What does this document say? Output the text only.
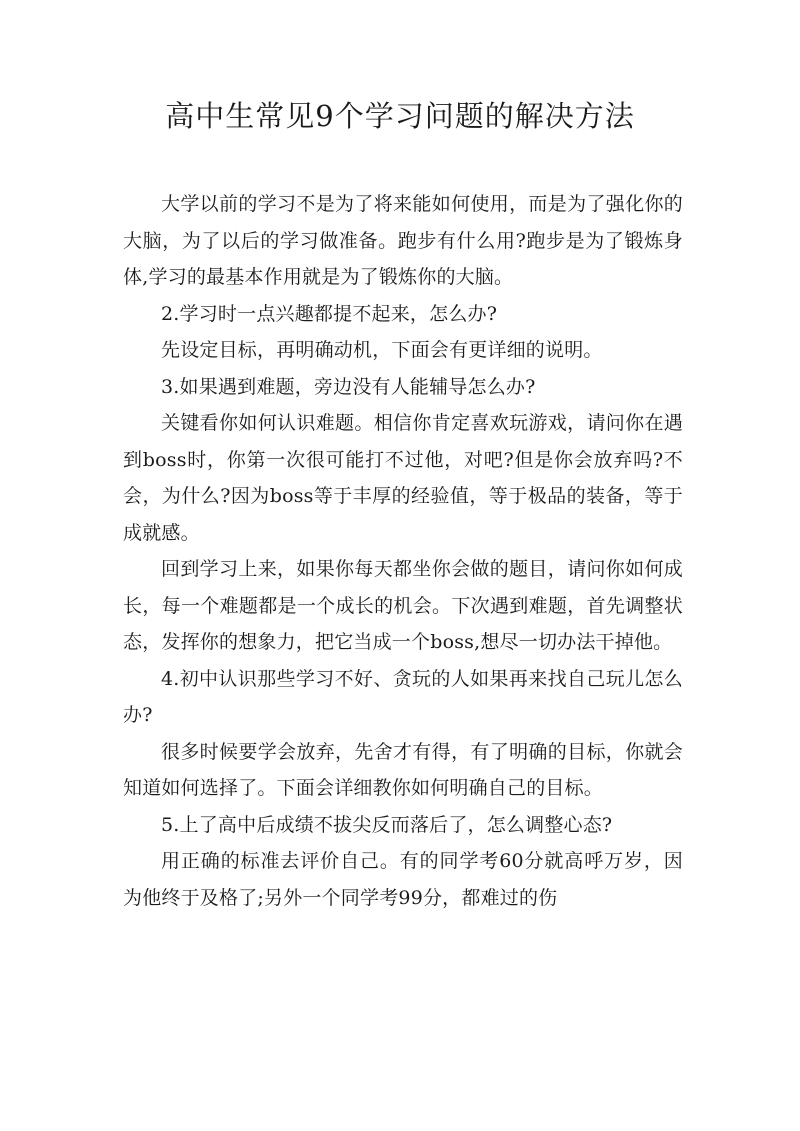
高中生常见9个学习问题的解决方法

大学以前的学习不是为了将来能如何使用，而是为了强化你的大脑，为了以后的学习做准备。跑步有什么用?跑步是为了锻炼身体,学习的最基本作用就是为了锻炼你的大脑。

2.学习时一点兴趣都提不起来，怎么办?

先设定目标，再明确动机，下面会有更详细的说明。

3.如果遇到难题，旁边没有人能辅导怎么办?

关键看你如何认识难题。相信你肯定喜欢玩游戏，请问你在遇到boss时，你第一次很可能打不过他，对吧?但是你会放弃吗?不会，为什么?因为boss等于丰厚的经验值，等于极品的装备，等于成就感。

回到学习上来，如果你每天都坐你会做的题目，请问你如何成长，每一个难题都是一个成长的机会。下次遇到难题，首先调整状态，发挥你的想象力，把它当成一个boss,想尽一切办法干掉他。

4.初中认识那些学习不好、贪玩的人如果再来找自己玩儿怎么办?

很多时候要学会放弃，先舍才有得，有了明确的目标，你就会知道如何选择了。下面会详细教你如何明确自己的目标。

5.上了高中后成绩不拔尖反而落后了，怎么调整心态?

用正确的标准去评价自己。有的同学考60分就高呼万岁，因为他终于及格了;另外一个同学考99分，都难过的伤
